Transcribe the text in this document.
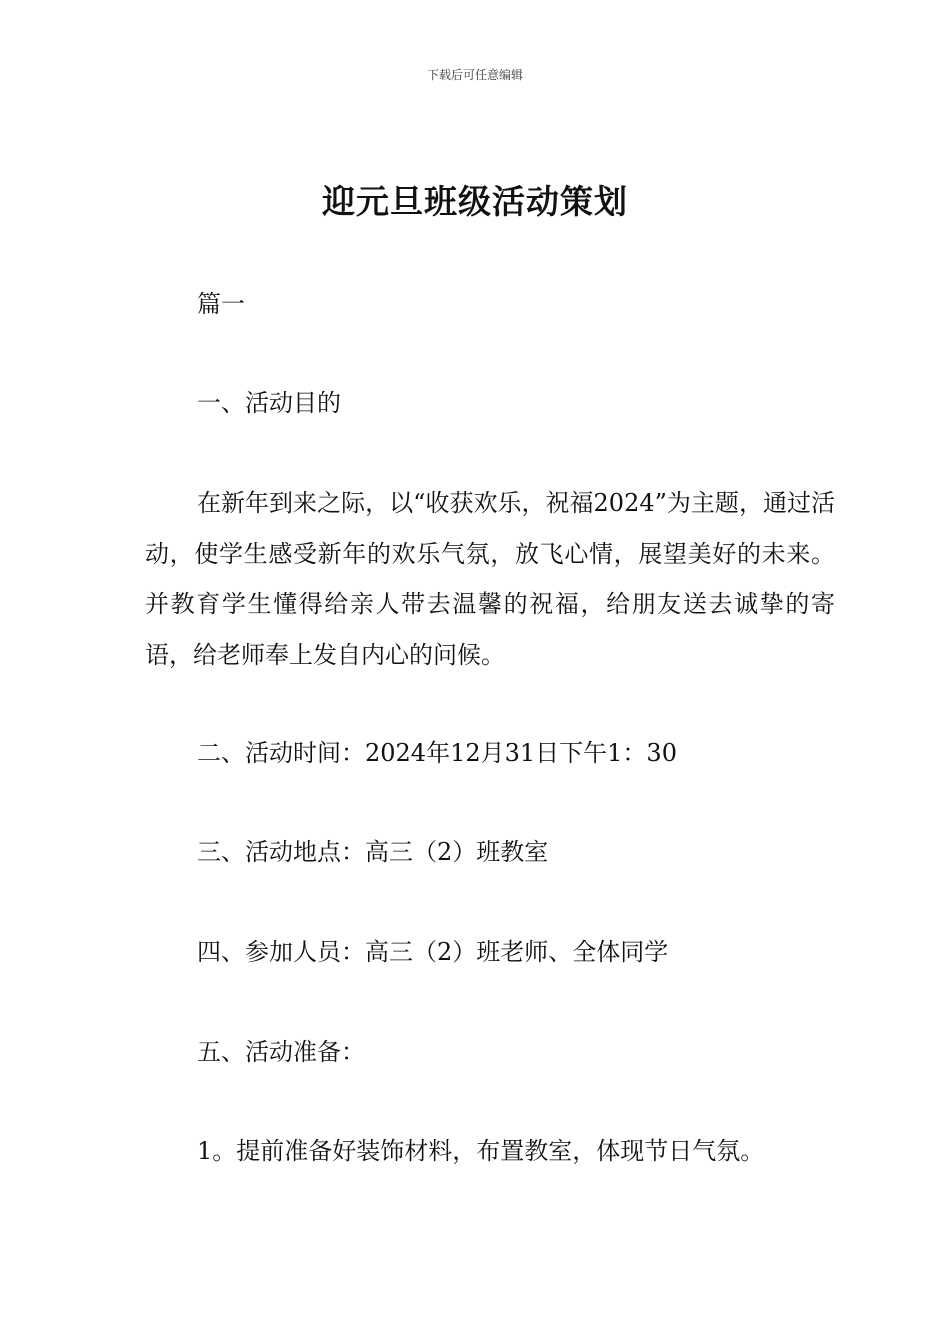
下载后可任意编辑
迎元旦班级活动策划
篇一
一、活动目的
在新年到来之际，以“收获欢乐，祝福2024”为主题，通过活动，使学生感受新年的欢乐气氛，放飞心情，展望美好的未来。并教育学生懂得给亲人带去温馨的祝福，给朋友送去诚挚的寄语，给老师奉上发自内心的问候。
二、活动时间：2024年12月31日下午1：30
三、活动地点：高三（2）班教室
四、参加人员：高三（2）班老师、全体同学
五、活动准备：
1。提前准备好装饰材料，布置教室，体现节日气氛。
